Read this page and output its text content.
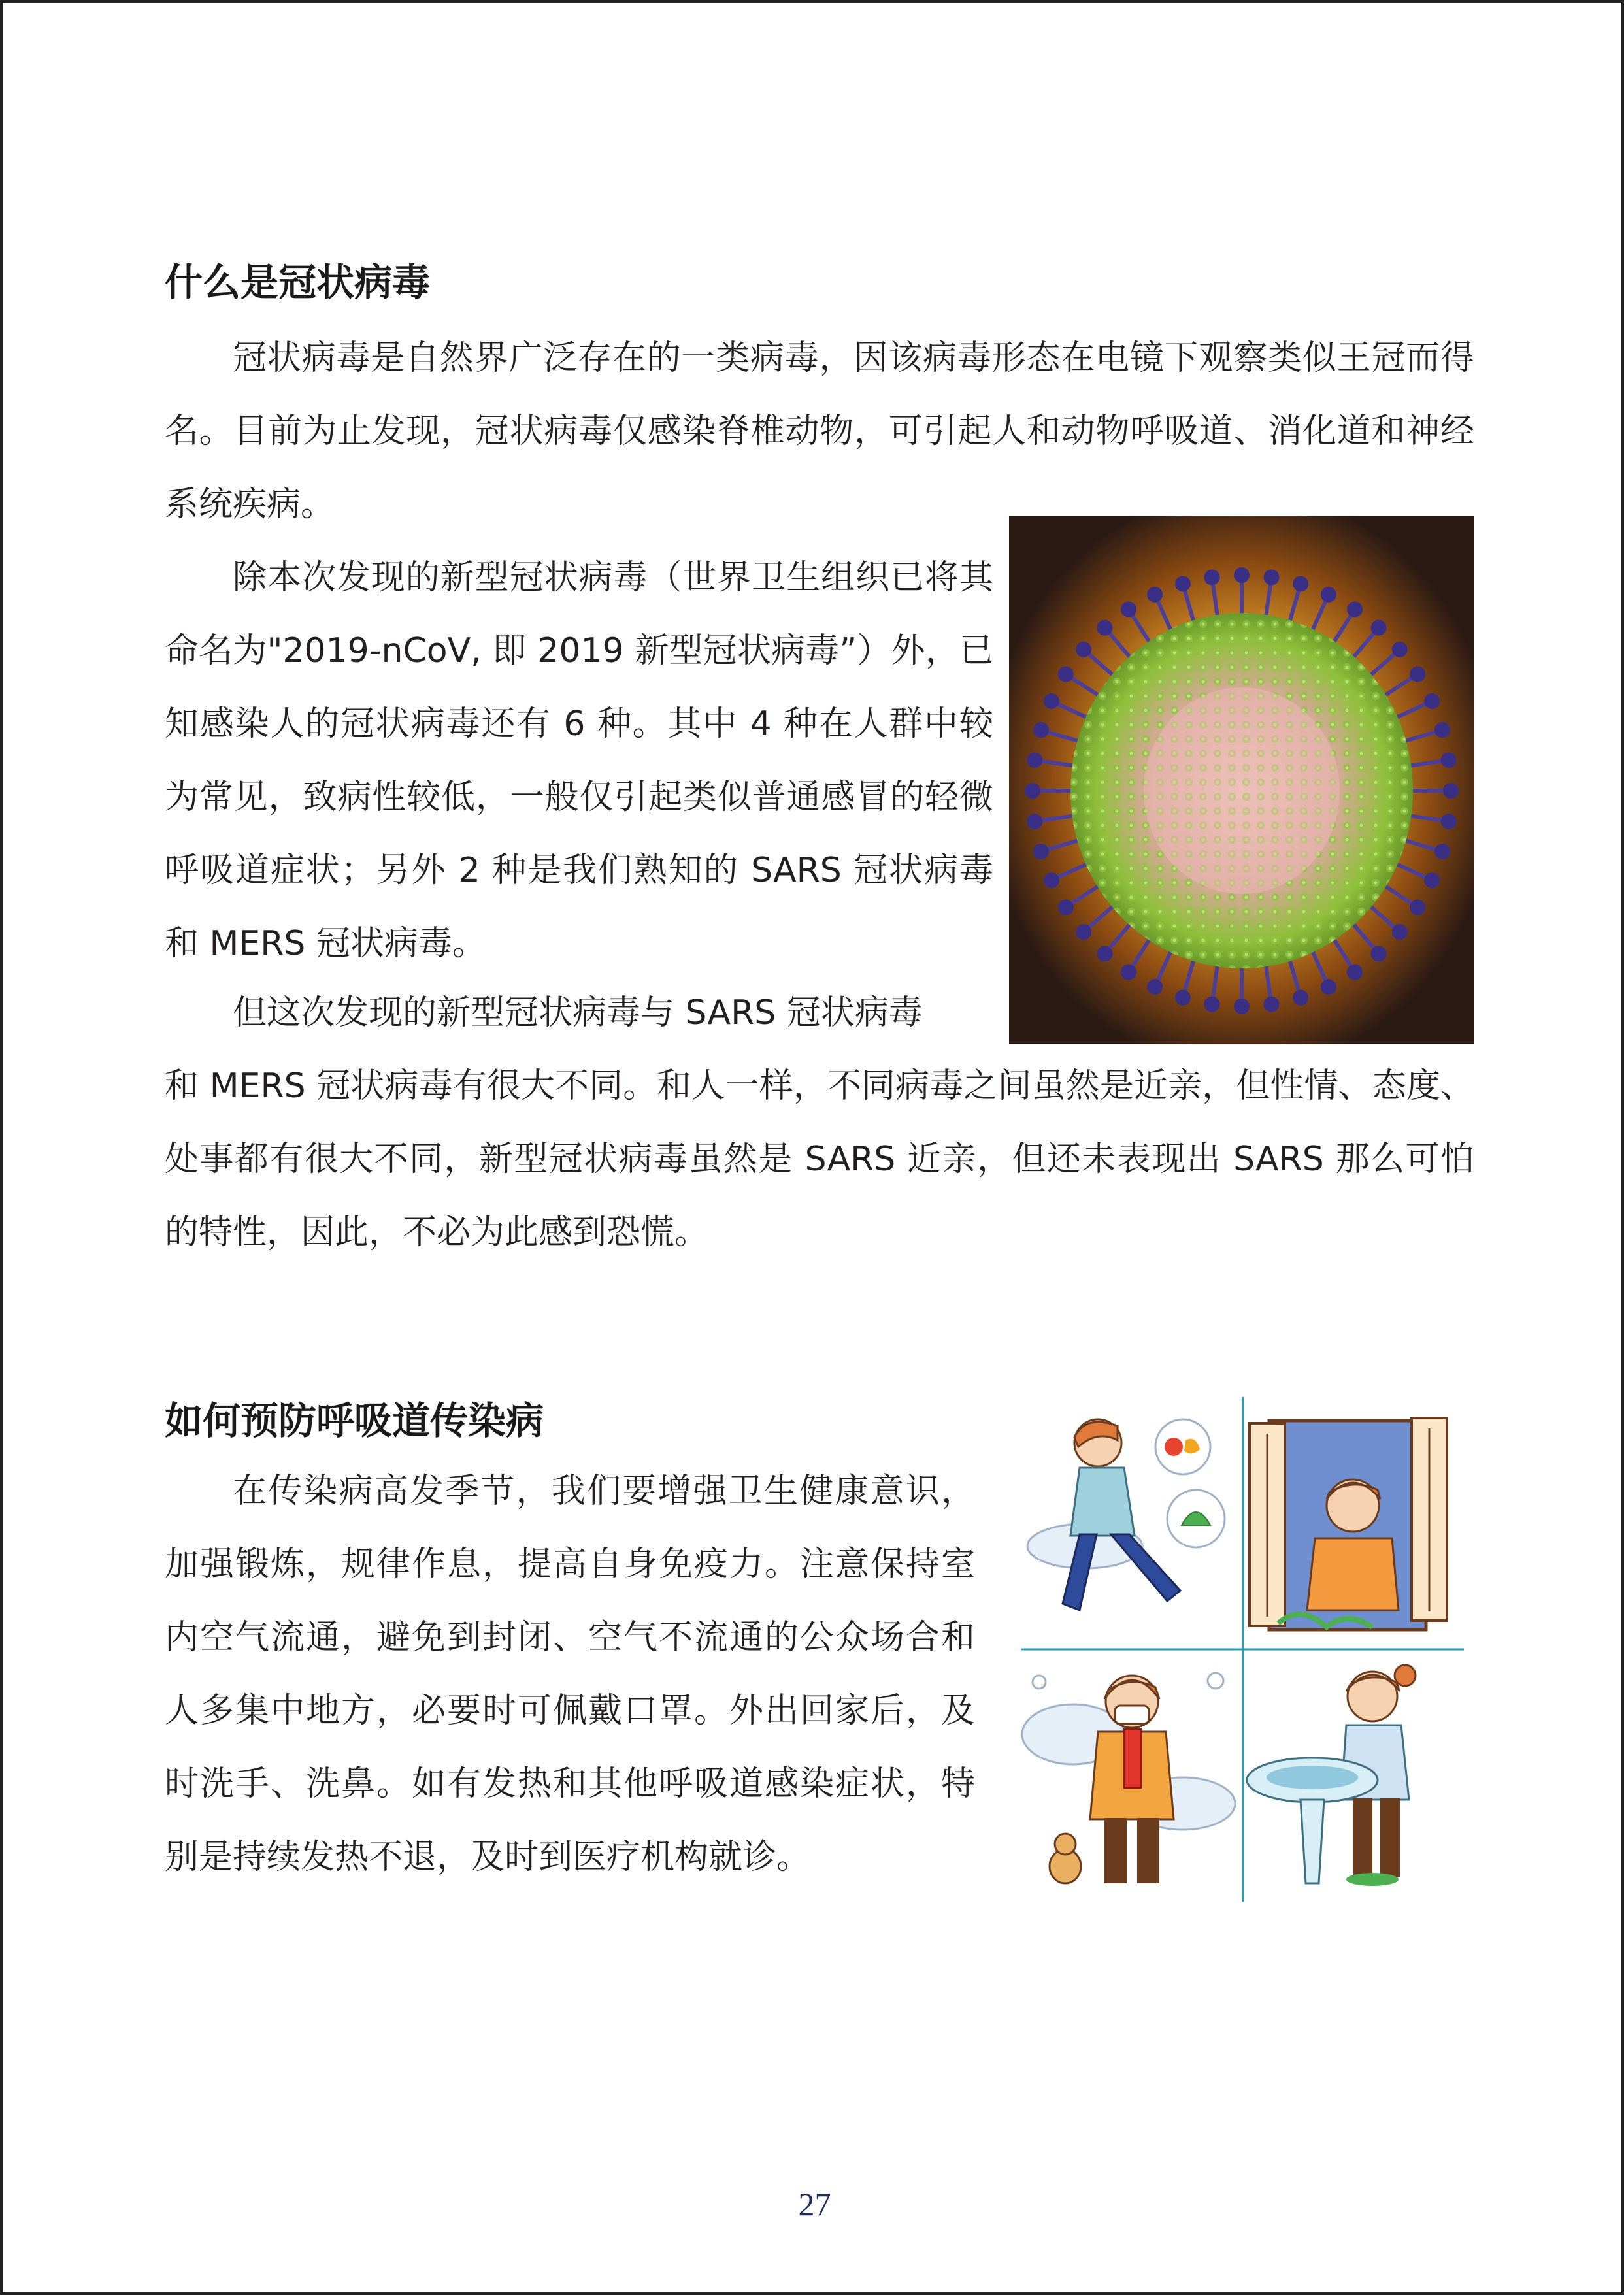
什么是冠状病毒

冠状病毒是自然界广泛存在的一类病毒，因该病毒形态在电镜下观察类似王冠而得名。目前为止发现，冠状病毒仅感染脊椎动物，可引起人和动物呼吸道、消化道和神经系统疾病。

除本次发现的新型冠状病毒（世界卫生组织已将其命名为"2019-nCoV, 即 2019 新型冠状病毒”）外，已知感染人的冠状病毒还有 6 种。其中 4 种在人群中较为常见，致病性较低，一般仅引起类似普通感冒的轻微呼吸道症状；另外 2 种是我们熟知的 SARS 冠状病毒和 MERS 冠状病毒。

但这次发现的新型冠状病毒与 SARS 冠状病毒

和 MERS 冠状病毒有很大不同。和人一样，不同病毒之间虽然是近亲，但性情、态度、处事都有很大不同，新型冠状病毒虽然是 SARS 近亲，但还未表现出 SARS 那么可怕的特性，因此，不必为此感到恐慌。

如何预防呼吸道传染病

在传染病高发季节，我们要增强卫生健康意识，加强锻炼，规律作息，提高自身免疫力。注意保持室内空气流通，避免到封闭、空气不流通的公众场合和人多集中地方，必要时可佩戴口罩。外出回家后，及时洗手、洗鼻。如有发热和其他呼吸道感染症状，特别是持续发热不退，及时到医疗机构就诊。

27
